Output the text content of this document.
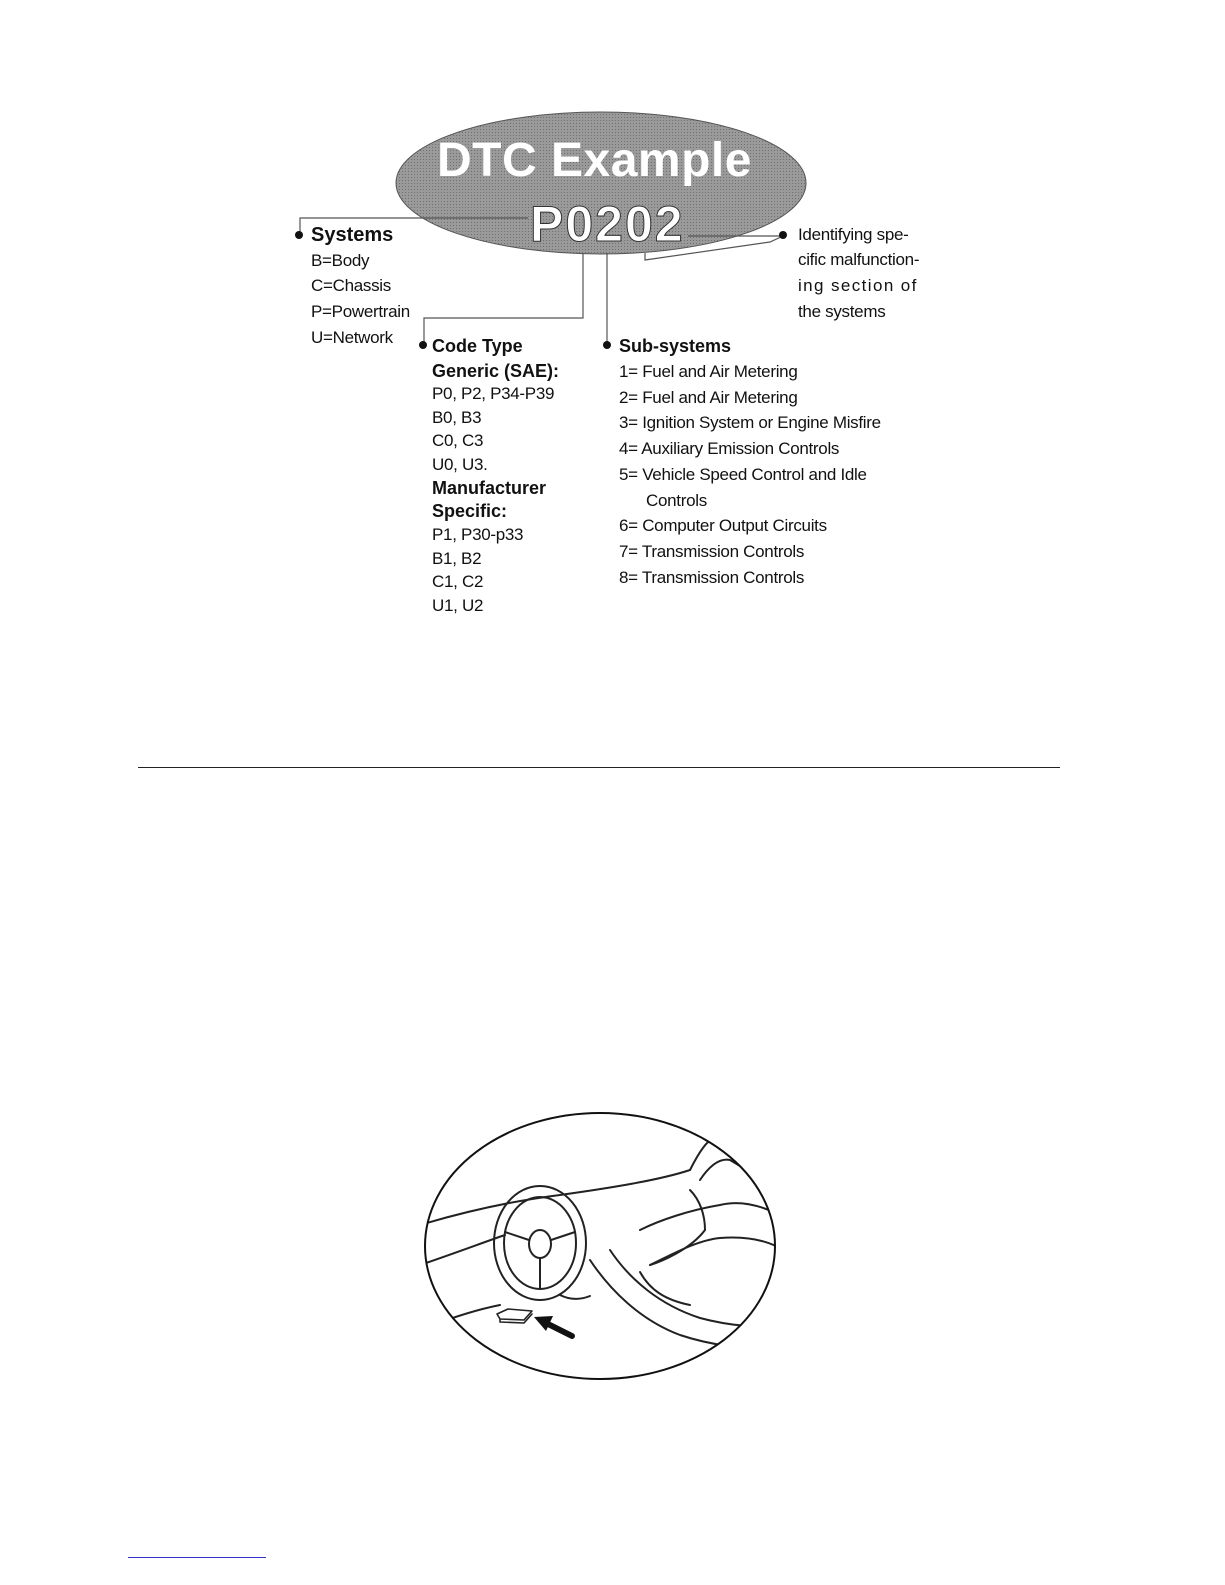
DTC Example
P0202
Systems
B=Body
C=Chassis
P=Powertrain
U=Network Code Type
Generic (SAE):
P0, P2, P34-P39
B0, B3
C0, C3
U0, U3.
Manufacturer
Specific:
P1, P30-p33
B1, B2
C1, C2
U1, U2
Sub-systems
1= Fuel and Air Metering
2= Fuel and Air Metering
3= Ignition System or Engine Misfire
4= Auxiliary Emission Controls
5= Vehicle Speed Control and Idle
Controls
6= Computer Output Circuits
7= Transmission Controls
8= Transmission Controls
Identifying spe-
cific malfunction-
ing section of
the systems
